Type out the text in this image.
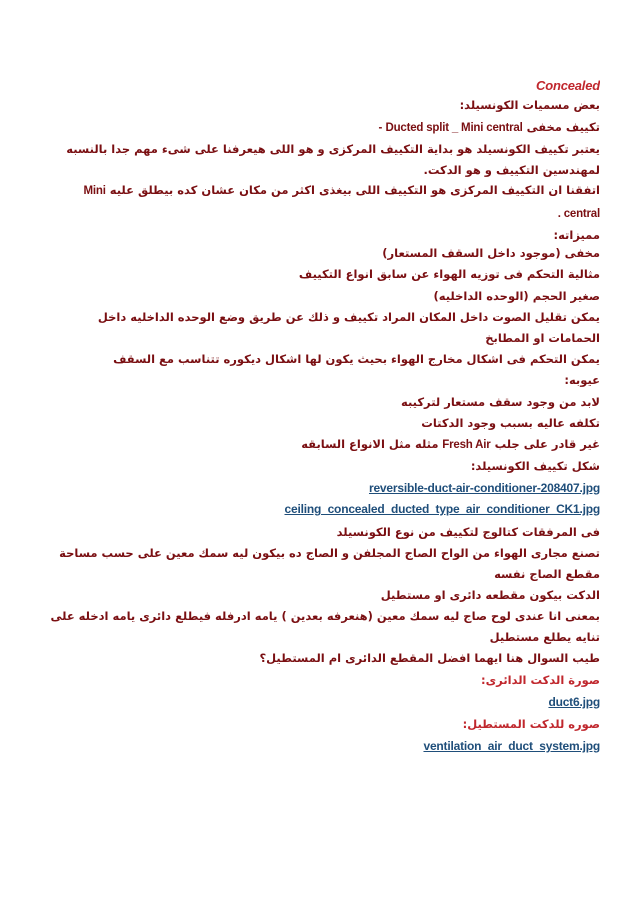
Concealed
بعض مسميات الكونسيلد:
تكييف مخفى - Ducted split _ Mini central
يعتبر تكييف الكونسيلد هو بداية التكييف المركزى و هو اللى هيعرفنا على شىء مهم جدا بالنسبه
لمهندسين التكييف و هو الدكت.
اتفقنا ان التكييف المركزى هو التكييف اللى بيغذى اكثر من مكان عشان كده بيطلق عليه Mini
central .
مميزاته:
مخفى (موجود داخل السقف المستعار)
مثالية التحكم فى توزيه الهواء عن سابق انواع التكييف
صغير الحجم (الوحده الداخليه)
يمكن تقليل الصوت داخل المكان المراد تكييف و ذلك عن طريق وضع الوحده الداخليه داخل
الحمامات او المطابخ
يمكن التحكم فى اشكال مخارج الهواء بحيث يكون لها اشكال ديكوره تتناسب مع السقف
عيوبه:
لابد من وجود سقف مستعار لتركيبه
تكلفه عاليه بسبب وجود الدكتات
غير قادر على جلب Fresh Air مثله مثل الانواع السابقه
شكل تكييف الكونسيلد:
reversible-duct-air-conditioner-208407.jpg
ceiling_concealed_ducted_type_air_conditioner_CK1.jpg
فى المرفقات كتالوج لتكييف من نوع الكونسيلد
تصنع مجارى الهواء من الواح الصاج المجلفن و الصاج ده بيكون ليه سمك معين على حسب مساحة
مقطع الصاج نفسه
الدكت بيكون مقطعه دائرى او مستطيل
بمعنى انا عندى لوح صاج ليه سمك معين (هنعرفه بعدين ) يامه ادرفله فيطلع دائرى يامه ادخله على
تنايه يطلع مستطيل
طيب السوال هنا ايهما افضل المقطع الدائرى ام المستطيل؟
صورة الدكت الدائرى:
duct6.jpg
صوره للدكت المستطيل:
ventilation_air_duct_system.jpg
